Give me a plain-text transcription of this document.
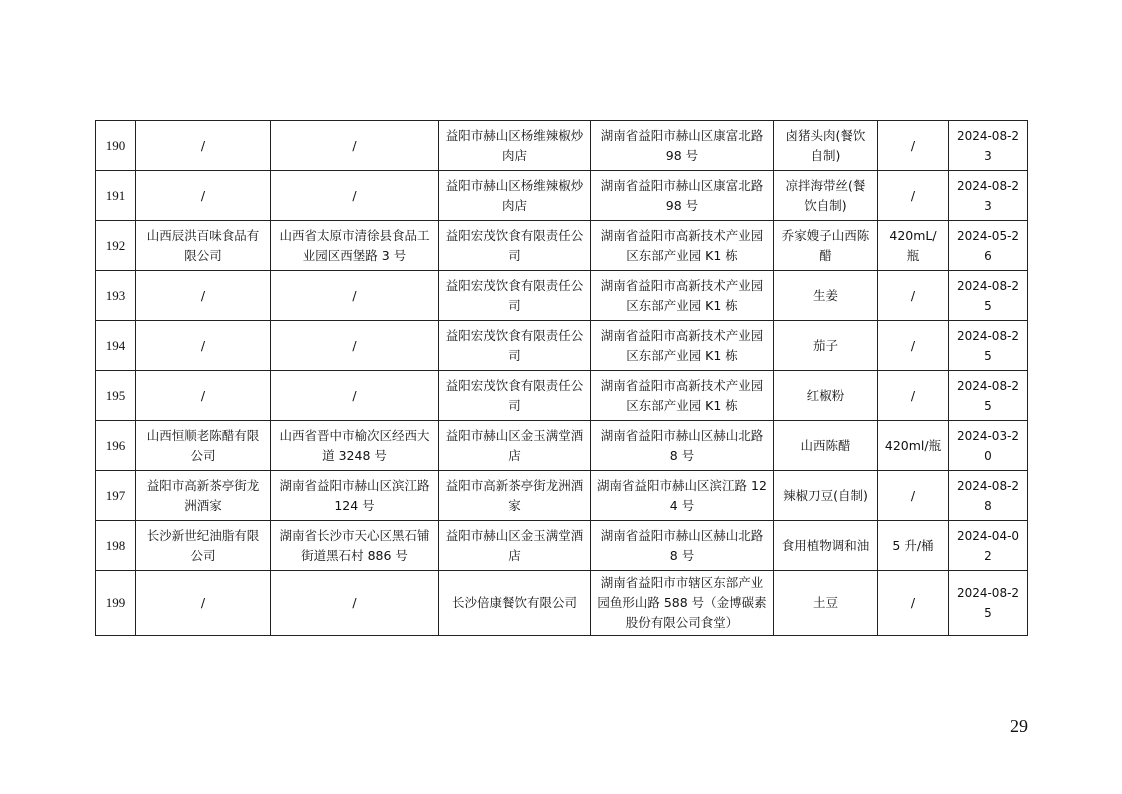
190	/	/	益阳市赫山区杨维辣椒炒肉店	湖南省益阳市赫山区康富北路 98 号	卤猪头肉(餐饮自制)	/	2024-08-23
191	/	/	益阳市赫山区杨维辣椒炒肉店	湖南省益阳市赫山区康富北路 98 号	凉拌海带丝(餐饮自制)	/	2024-08-23
192	山西辰洪百味食品有限公司	山西省太原市清徐县食品工业园区西堡路 3 号	益阳宏茂饮食有限责任公司	湖南省益阳市高新技术产业园区东部产业园 K1 栋	乔家嫂子山西陈醋	420mL/瓶	2024-05-26
193	/	/	益阳宏茂饮食有限责任公司	湖南省益阳市高新技术产业园区东部产业园 K1 栋	生姜	/	2024-08-25
194	/	/	益阳宏茂饮食有限责任公司	湖南省益阳市高新技术产业园区东部产业园 K1 栋	茄子	/	2024-08-25
195	/	/	益阳宏茂饮食有限责任公司	湖南省益阳市高新技术产业园区东部产业园 K1 栋	红椒粉	/	2024-08-25
196	山西恒顺老陈醋有限公司	山西省晋中市榆次区经西大道 3248 号	益阳市赫山区金玉满堂酒店	湖南省益阳市赫山区赫山北路 8 号	山西陈醋	420ml/瓶	2024-03-20
197	益阳市高新茶亭街龙洲酒家	湖南省益阳市赫山区滨江路 124 号	益阳市高新茶亭街龙洲酒家	湖南省益阳市赫山区滨江路 124 号	辣椒刀豆(自制)	/	2024-08-28
198	长沙新世纪油脂有限公司	湖南省长沙市天心区黑石铺街道黑石村 886 号	益阳市赫山区金玉满堂酒店	湖南省益阳市赫山区赫山北路 8 号	食用植物调和油	5 升/桶	2024-04-02
199	/	/	长沙倍康餐饮有限公司	湖南省益阳市市辖区东部产业园鱼形山路 588 号（金博碳素股份有限公司食堂）	土豆	/	2024-08-25
29
